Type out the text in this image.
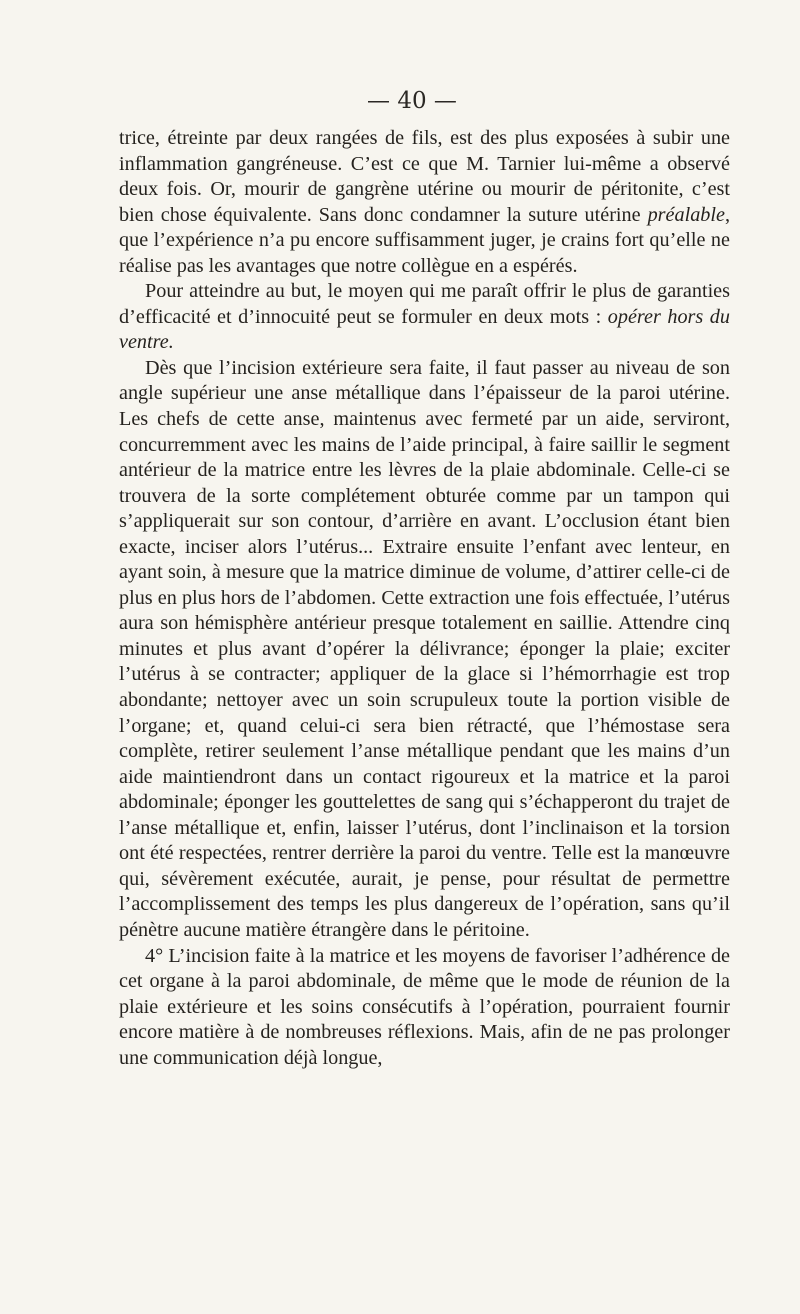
— 40 —

trice, étreinte par deux rangées de fils, est des plus exposées à subir une inflammation gangréneuse. C’est ce que M. Tarnier lui-même a observé deux fois. Or, mourir de gangrène utérine ou mourir de péritonite, c’est bien chose équivalente. Sans donc condamner la suture utérine préalable, que l’expérience n’a pu encore suffisamment juger, je crains fort qu’elle ne réalise pas les avantages que notre collègue en a espérés.

Pour atteindre au but, le moyen qui me paraît offrir le plus de garanties d’efficacité et d’innocuité peut se formuler en deux mots : opérer hors du ventre.

Dès que l’incision extérieure sera faite, il faut passer au niveau de son angle supérieur une anse métallique dans l’épaisseur de la paroi utérine. Les chefs de cette anse, maintenus avec fermeté par un aide, serviront, concurremment avec les mains de l’aide principal, à faire saillir le segment antérieur de la matrice entre les lèvres de la plaie abdominale. Celle-ci se trouvera de la sorte complétement obturée comme par un tampon qui s’appliquerait sur son contour, d’arrière en avant. L’occlusion étant bien exacte, inciser alors l’utérus... Extraire ensuite l’enfant avec lenteur, en ayant soin, à mesure que la matrice diminue de volume, d’attirer celle-ci de plus en plus hors de l’abdomen. Cette extraction une fois effectuée, l’utérus aura son hémisphère antérieur presque totalement en saillie. Attendre cinq minutes et plus avant d’opérer la délivrance; éponger la plaie; exciter l’utérus à se contracter; appliquer de la glace si l’hémorrhagie est trop abondante; nettoyer avec un soin scrupuleux toute la portion visible de l’organe; et, quand celui-ci sera bien rétracté, que l’hémostase sera complète, retirer seulement l’anse métallique pendant que les mains d’un aide maintiendront dans un contact rigoureux et la matrice et la paroi abdominale; éponger les gouttelettes de sang qui s’échapperont du trajet de l’anse métallique et, enfin, laisser l’utérus, dont l’inclinaison et la torsion ont été respectées, rentrer derrière la paroi du ventre. Telle est la manœuvre qui, sévèrement exécutée, aurait, je pense, pour résultat de permettre l’accomplissement des temps les plus dangereux de l’opération, sans qu’il pénètre aucune matière étrangère dans le péritoine.

4° L’incision faite à la matrice et les moyens de favoriser l’adhérence de cet organe à la paroi abdominale, de même que le mode de réunion de la plaie extérieure et les soins consécutifs à l’opération, pourraient fournir encore matière à de nombreuses réflexions. Mais, afin de ne pas prolonger une communication déjà longue,
